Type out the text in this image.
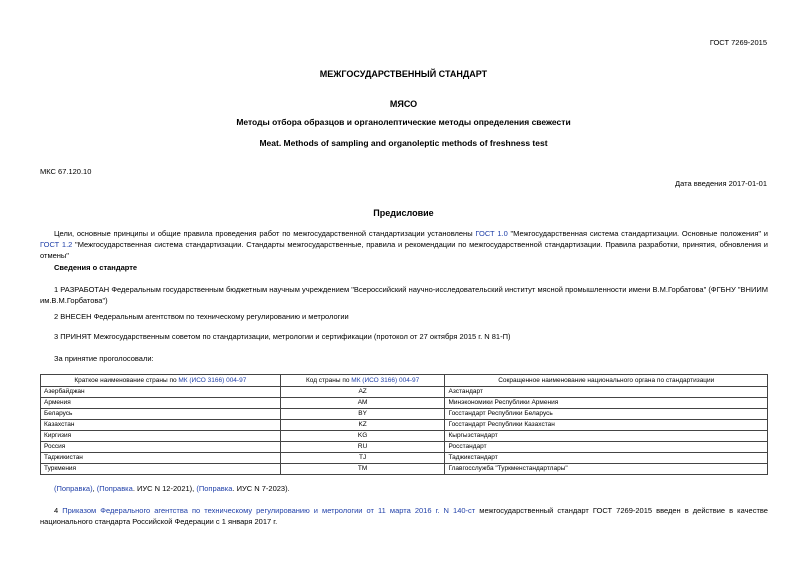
ГОСТ 7269-2015
МЕЖГОСУДАРСТВЕННЫЙ СТАНДАРТ
МЯСО
Методы отбора образцов и органолептические методы определения свежести
Meat. Methods of sampling and organoleptic methods of freshness test
МКС 67.120.10
Дата введения 2017-01-01
Предисловие
Цели, основные принципы и общие правила проведения работ по межгосударственной стандартизации установлены ГОСТ 1.0 "Межгосударственная система стандартизации. Основные положения" и ГОСТ 1.2 "Межгосударственная система стандартизации. Стандарты межгосударственные, правила и рекомендации по межгосударственной стандартизации. Правила разработки, принятия, обновления и отмены"
Сведения о стандарте
1 РАЗРАБОТАН Федеральным государственным бюджетным научным учреждением "Всероссийский научно-исследовательский институт мясной промышленности имени В.М.Горбатова" (ФГБНУ "ВНИИМ им.В.М.Горбатова")
2 ВНЕСЕН Федеральным агентством по техническому регулированию и метрологии
3 ПРИНЯТ Межгосударственным советом по стандартизации, метрологии и сертификации (протокол от 27 октября 2015 г. N 81-П)
За принятие проголосовали:
Краткое наименование страны по МК (ИСО 3166) 004-97	Код страны по МК (ИСО 3166) 004-97	Сокращенное наименование национального органа по стандартизации
Азербайджан	AZ	Азстандарт
Армения	AM	Минэкономики Республики Армения
Беларусь	BY	Госстандарт Республики Беларусь
Казахстан	KZ	Госстандарт Республики Казахстан
Киргизия	KG	Кыргызстандарт
Россия	RU	Росстандарт
Таджикистан	TJ	Таджикстандарт
Туркмения	TM	Главгосслужба "Туркменстандартлары"
(Поправка), (Поправка. ИУС N 12-2021), (Поправка. ИУС N 7-2023).
4 Приказом Федерального агентства по техническому регулированию и метрологии от 11 марта 2016 г. N 140-ст межгосударственный стандарт ГОСТ 7269-2015 введен в действие в качестве национального стандарта Российской Федерации с 1 января 2017 г.
